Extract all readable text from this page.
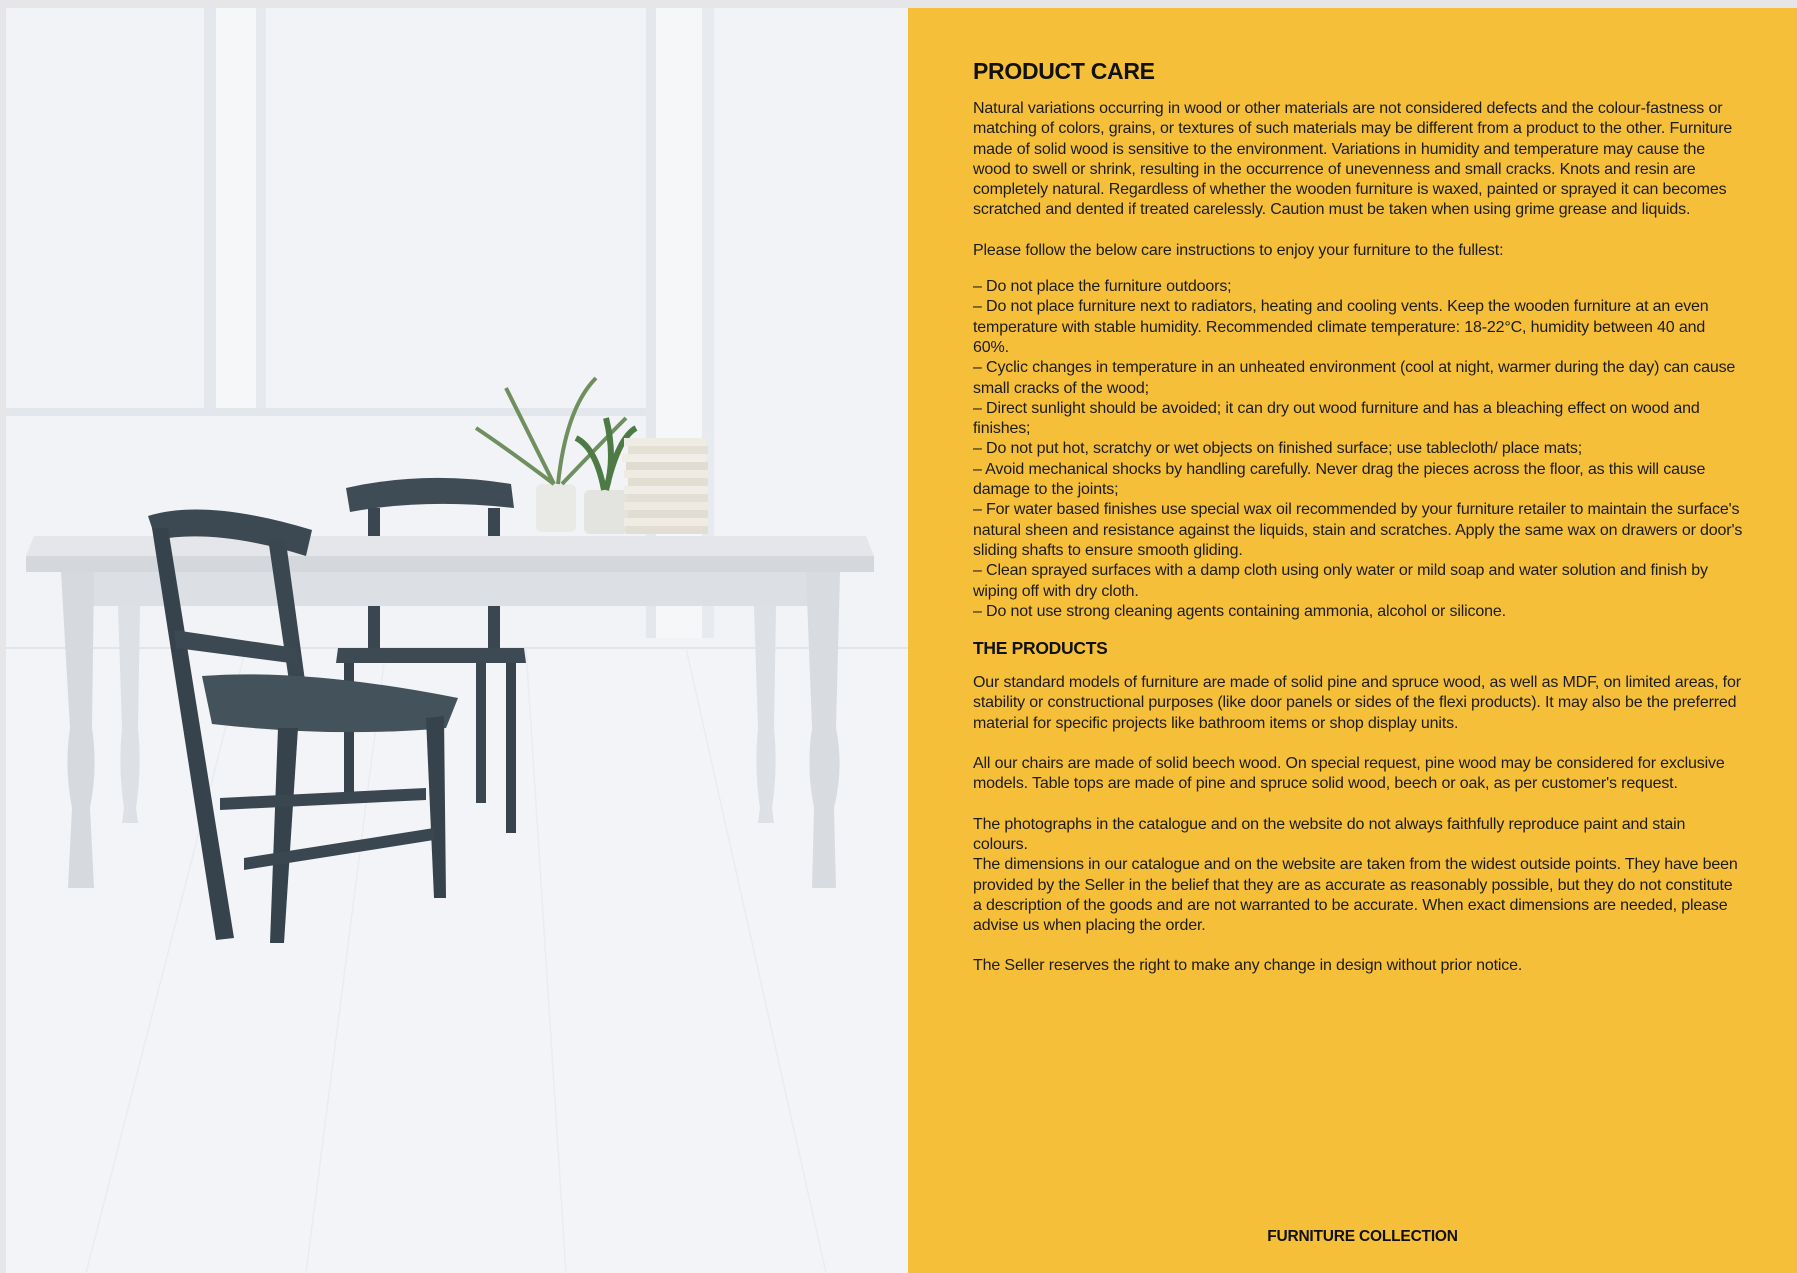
PRODUCT CARE

Natural variations occurring in wood or other materials are not considered defects and the colour-fastness or matching of colors, grains, or textures of such materials may be different from a product to the other. Furniture made of solid wood is sensitive to the environment. Variations in humidity and temperature may cause the wood to swell or shrink, resulting in the occurrence of unevenness and small cracks. Knots and resin are completely natural. Regardless of whether the wooden furniture is waxed, painted or sprayed it can becomes scratched and dented if treated carelessly. Caution must be taken when using grime grease and liquids.

Please follow the below care instructions to enjoy your furniture to the fullest:

– Do not place the furniture outdoors;
– Do not place furniture next to radiators, heating and cooling vents. Keep the wooden furniture at an even temperature with stable humidity. Recommended climate temperature: 18-22°C, humidity between 40 and 60%.
– Cyclic changes in temperature in an unheated environment (cool at night, warmer during the day) can cause small cracks of the wood;
– Direct sunlight should be avoided; it can dry out wood furniture and has a bleaching effect on wood and finishes;
– Do not put hot, scratchy or wet objects on finished surface; use tablecloth/ place mats;
– Avoid mechanical shocks by handling carefully. Never drag the pieces across the floor, as this will cause damage to the joints;
– For water based finishes use special wax oil recommended by your furniture retailer to maintain the surface's natural sheen and resistance against the liquids, stain and scratches. Apply the same wax on drawers or door's sliding shafts to ensure smooth gliding.
– Clean sprayed surfaces with a damp cloth using only water or mild soap and water solution and finish by wiping off with dry cloth.
– Do not use strong cleaning agents containing ammonia, alcohol or silicone.
THE PRODUCTS

Our standard models of furniture are made of solid pine and spruce wood, as well as MDF, on limited areas, for stability or constructional purposes (like door panels or sides of the flexi products). It may also be the preferred material for specific projects like bathroom items or shop display units.

All our chairs are made of solid beech wood. On special request, pine wood may be considered for exclusive models. Table tops are made of pine and spruce solid wood, beech or oak, as per customer's request.

The photographs in the catalogue and on the website do not always faithfully reproduce paint and stain colours.

The dimensions in our catalogue and on the website are taken from the widest outside points. They have been provided by the Seller in the belief that they are as accurate as reasonably possible, but they do not constitute a description of the goods and are not warranted to be accurate. When exact dimensions are needed, please advise us when placing the order.

The Seller reserves the right to make any change in design without prior notice.

FURNITURE COLLECTION
